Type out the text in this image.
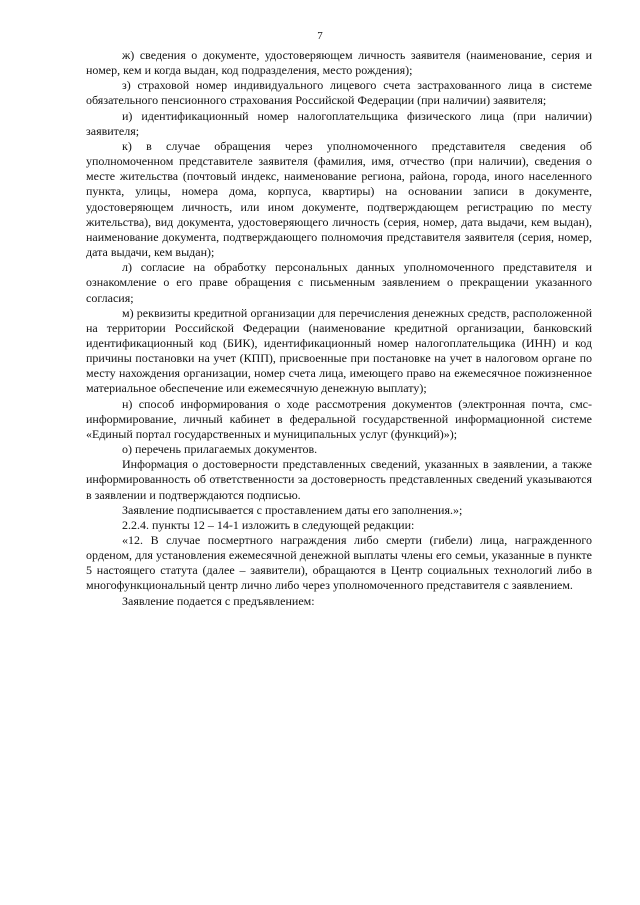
7

ж) сведения о документе, удостоверяющем личность заявителя (наименование, серия и номер, кем и когда выдан, код подразделения, место рождения);

з) страховой номер индивидуального лицевого счета застрахованного лица в системе обязательного пенсионного страхования Российской Федерации (при наличии) заявителя;

и) идентификационный номер налогоплательщика физического лица (при наличии) заявителя;

к) в случае обращения через уполномоченного представителя сведения об уполномоченном представителе заявителя (фамилия, имя, отчество (при наличии), сведения о месте жительства (почтовый индекс, наименование региона, района, города, иного населенного пункта, улицы, номера дома, корпуса, квартиры) на основании записи в документе, удостоверяющем личность, или ином документе, подтверждающем регистрацию по месту жительства), вид документа, удостоверяющего личность (серия, номер, дата выдачи, кем выдан), наименование документа, подтверждающего полномочия представителя заявителя (серия, номер, дата выдачи, кем выдан);

л) согласие на обработку персональных данных уполномоченного представителя и ознакомление о его праве обращения с письменным заявлением о прекращении указанного согласия;

м) реквизиты кредитной организации для перечисления денежных средств, расположенной на территории Российской Федерации (наименование кредитной организации, банковский идентификационный код (БИК), идентификационный номер налогоплательщика (ИНН) и код причины постановки на учет (КПП), присвоенные при постановке на учет в налоговом органе по месту нахождения организации, номер счета лица, имеющего право на ежемесячное пожизненное материальное обеспечение или ежемесячную денежную выплату);

н) способ информирования о ходе рассмотрения документов (электронная почта, смс-информирование, личный кабинет в федеральной государственной информационной системе «Единый портал государственных и муниципальных услуг (функций)»);

о) перечень прилагаемых документов.

Информация о достоверности представленных сведений, указанных в заявлении, а также информированность об ответственности за достоверность представленных сведений указываются в заявлении и подтверждаются подписью.

Заявление подписывается с проставлением даты его заполнения.»;

2.2.4. пункты 12 – 14-1 изложить в следующей редакции:

«12. В случае посмертного награждения либо смерти (гибели) лица, награжденного орденом, для установления ежемесячной денежной выплаты члены его семьи, указанные в пункте 5 настоящего статута (далее – заявители), обращаются в Центр социальных технологий либо в многофункциональный центр лично либо через уполномоченного представителя с заявлением.

Заявление подается с предъявлением:
